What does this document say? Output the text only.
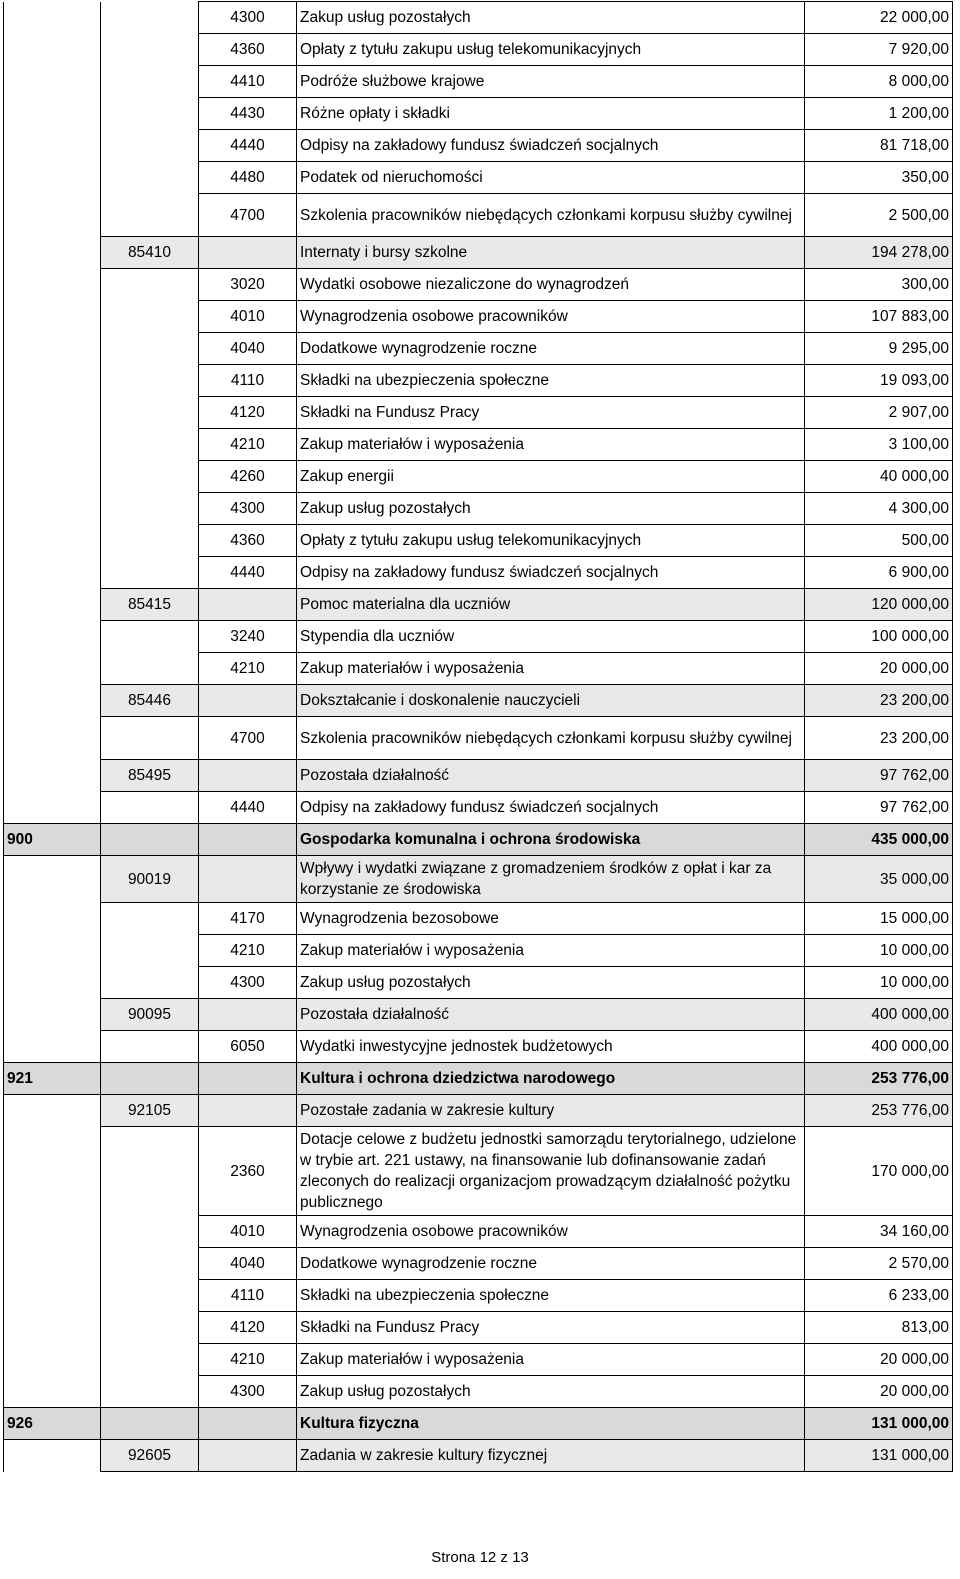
		4300	Zakup usług pozostałych	22 000,00
		4360	Opłaty z tytułu zakupu usług telekomunikacyjnych	7 920,00
		4410	Podróże służbowe krajowe	8 000,00
		4430	Różne opłaty i składki	1 200,00
		4440	Odpisy na zakładowy fundusz świadczeń socjalnych	81 718,00
		4480	Podatek od nieruchomości	350,00
		4700	Szkolenia pracowników niebędących członkami korpusu służby cywilnej	2 500,00
	85410		Internaty i bursy szkolne	194 278,00
		3020	Wydatki osobowe niezaliczone do wynagrodzeń	300,00
		4010	Wynagrodzenia osobowe pracowników	107 883,00
		4040	Dodatkowe wynagrodzenie roczne	9 295,00
		4110	Składki na ubezpieczenia społeczne	19 093,00
		4120	Składki na Fundusz Pracy	2 907,00
		4210	Zakup materiałów i wyposażenia	3 100,00
		4260	Zakup energii	40 000,00
		4300	Zakup usług pozostałych	4 300,00
		4360	Opłaty z tytułu zakupu usług telekomunikacyjnych	500,00
		4440	Odpisy na zakładowy fundusz świadczeń socjalnych	6 900,00
	85415		Pomoc materialna dla uczniów	120 000,00
		3240	Stypendia dla uczniów	100 000,00
		4210	Zakup materiałów i wyposażenia	20 000,00
	85446		Dokształcanie i doskonalenie nauczycieli	23 200,00
		4700	Szkolenia pracowników niebędących członkami korpusu służby cywilnej	23 200,00
	85495		Pozostała działalność	97 762,00
		4440	Odpisy na zakładowy fundusz świadczeń socjalnych	97 762,00
900			Gospodarka komunalna i ochrona środowiska	435 000,00
	90019		Wpływy i wydatki związane z gromadzeniem środków z opłat i kar za korzystanie ze środowiska	35 000,00
		4170	Wynagrodzenia bezosobowe	15 000,00
		4210	Zakup materiałów i wyposażenia	10 000,00
		4300	Zakup usług pozostałych	10 000,00
	90095		Pozostała działalność	400 000,00
		6050	Wydatki inwestycyjne jednostek budżetowych	400 000,00
921			Kultura i ochrona dziedzictwa narodowego	253 776,00
	92105		Pozostałe zadania w zakresie kultury	253 776,00
		2360	Dotacje celowe z budżetu jednostki samorządu terytorialnego, udzielone w trybie art. 221 ustawy, na finansowanie lub dofinansowanie zadań zleconych do realizacji organizacjom prowadzącym działalność pożytku publicznego	170 000,00
		4010	Wynagrodzenia osobowe pracowników	34 160,00
		4040	Dodatkowe wynagrodzenie roczne	2 570,00
		4110	Składki na ubezpieczenia społeczne	6 233,00
		4120	Składki na Fundusz Pracy	813,00
		4210	Zakup materiałów i wyposażenia	20 000,00
		4300	Zakup usług pozostałych	20 000,00
926			Kultura fizyczna	131 000,00
	92605		Zadania w zakresie kultury fizycznej	131 000,00
Strona 12 z 13
